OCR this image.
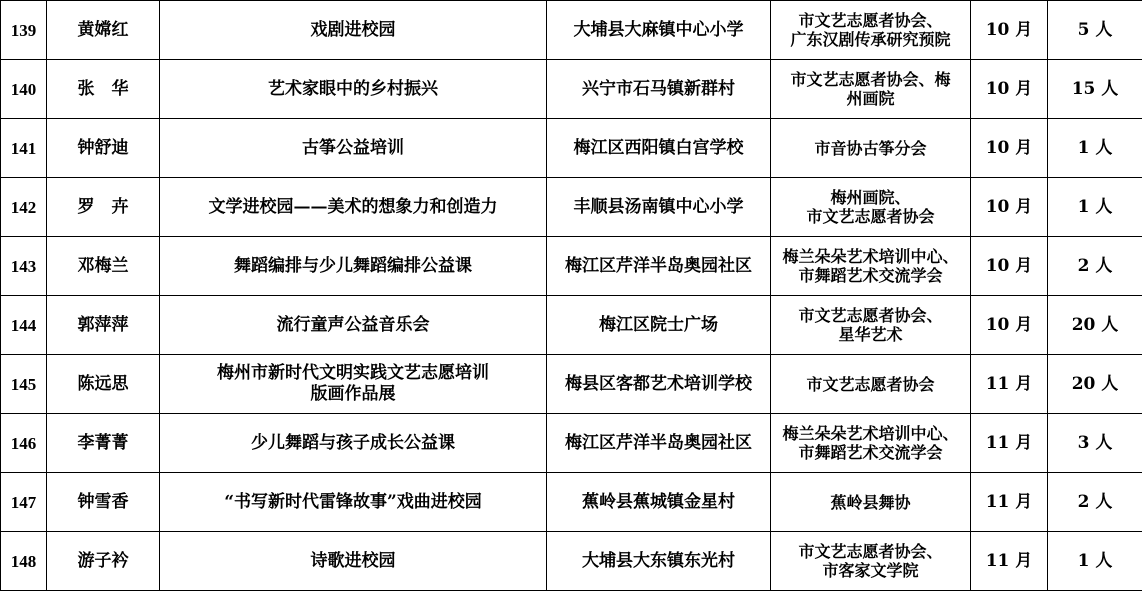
139	黄嫦红	戏剧进校园	大埔县大麻镇中心小学	市文艺志愿者协会、
广东汉剧传承研究预院	10 月	5 人
140	张　华	艺术家眼中的乡村振兴	兴宁市石马镇新群村	市文艺志愿者协会、梅
州画院	10 月	15 人
141	钟舒迪	古筝公益培训	梅江区西阳镇白宫学校	市音协古筝分会	10 月	1 人
142	罗　卉	文学进校园——美术的想象力和创造力	丰顺县汤南镇中心小学	梅州画院、
市文艺志愿者协会	10 月	1 人
143	邓梅兰	舞蹈编排与少儿舞蹈编排公益课	梅江区芹洋半岛奥园社区	梅兰朵朵艺术培训中心、
市舞蹈艺术交流学会	10 月	2 人
144	郭萍萍	流行童声公益音乐会	梅江区院士广场	市文艺志愿者协会、
星华艺术	10 月	20 人
145	陈远思	梅州市新时代文明实践文艺志愿培训
版画作品展	梅县区客都艺术培训学校	市文艺志愿者协会	11 月	20 人
146	李菁菁	少儿舞蹈与孩子成长公益课	梅江区芹洋半岛奥园社区	梅兰朵朵艺术培训中心、
市舞蹈艺术交流学会	11 月	3 人
147	钟雪香	“书写新时代雷锋故事”戏曲进校园	蕉岭县蕉城镇金星村	蕉岭县舞协	11 月	2 人
148	游子衿	诗歌进校园	大埔县大东镇东光村	市文艺志愿者协会、
市客家文学院	11 月	1 人
